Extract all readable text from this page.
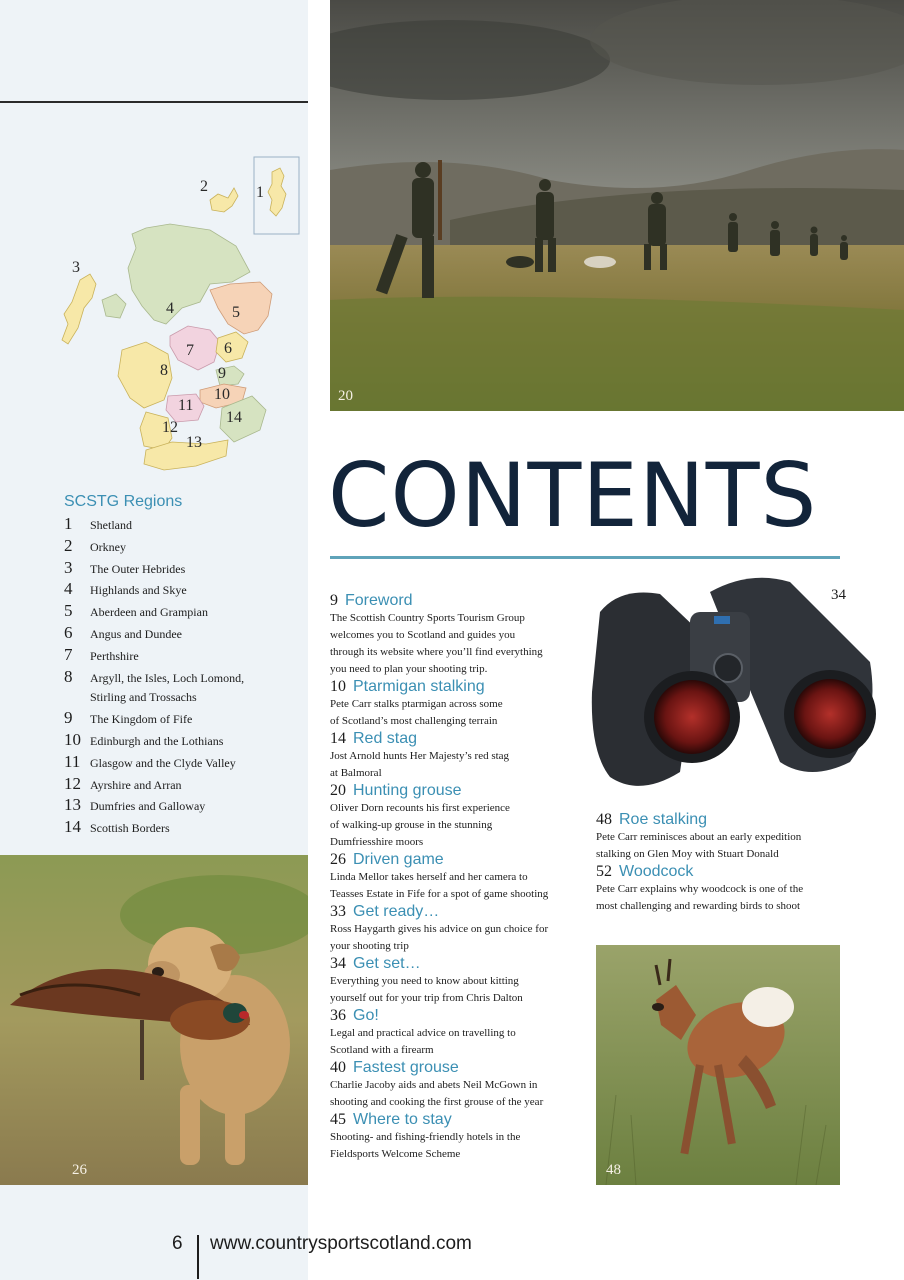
2	1
3
4	5
7 6
8	9
10
11
14
12
13
SCSTG Regions
1	Shetland
2	Orkney
3	The Outer Hebrides
4	Highlands and Skye
5	Aberdeen and Grampian
6	Angus and Dundee
7	Perthshire
8	Argyll, the Isles, Loch Lomond,
Stirling and Trossachs
9	The Kingdom of Fife
10 Edinburgh and the Lothians
11 Glasgow and the Clyde Valley
12 Ayrshire and Arran
13 Dumfries and Galloway
14 Scottish Borders
20
CONTENTS
34
9 Foreword

The Scottish Country Sports Tourism Group
welcomes you to Scotland and guides you
through its website where you’ll find everything
you need to plan your shooting trip.

10 Ptarmigan stalking

Pete Carr stalks ptarmigan across some
of Scotland’s most challenging terrain

14 Red stag

Jost Arnold hunts Her Majesty’s red stag
at Balmoral

20 Hunting grouse

Oliver Dorn recounts his first experience
of walking-up grouse in the stunning
Dumfriesshire moors

26 Driven game

Linda Mellor takes herself and her camera to
Teasses Estate in Fife for a spot of game shooting

33 Get ready…

Ross Haygarth gives his advice on gun choice for
your shooting trip

34 Get set…

Everything you need to know about kitting
yourself out for your trip from Chris Dalton

36 Go!

Legal and practical advice on travelling to
Scotland with a firearm

40 Fastest grouse

Charlie Jacoby aids and abets Neil McGown in
shooting and cooking the first grouse of the year

45 Where to stay

Shooting- and fishing-friendly hotels in the
Fieldsports Welcome Scheme

48 Roe stalking

Pete Carr reminisces about an early expedition
stalking on Glen Moy with Stuart Donald

52 Woodcock

Pete Carr explains why woodcock is one of the
most challenging and rewarding birds to shoot

26	48
6 www.countrysportscotland.com
